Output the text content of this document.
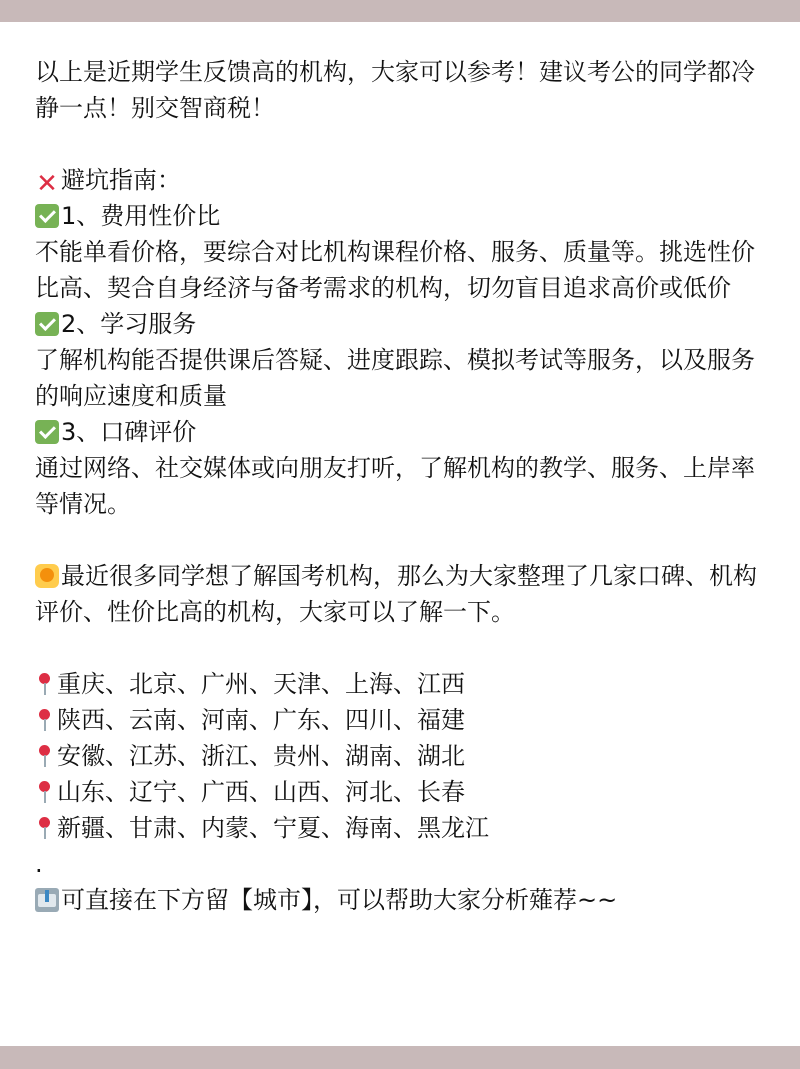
以上是近期学生反馈高的机构，大家可以参考！建议考公的同学都冷静一点！别交智商税！
✕ 避坑指南：
1、费用性价比
不能单看价格，要综合对比机构课程价格、服务、质量等。挑选性价比高、契合自身经济与备考需求的机构，切勿盲目追求高价或低价
2、学习服务
了解机构能否提供课后答疑、进度跟踪、模拟考试等服务，以及服务的响应速度和质量
3、口碑评价
通过网络、社交媒体或向朋友打听，了解机构的教学、服务、上岸率等情况。
最近很多同学想了解国考机构，那么为大家整理了几家口碑、机构评价、性价比高的机构，大家可以了解一下。
重庆、北京、广州、天津、上海、江西
陕西、云南、河南、广东、四川、福建
安徽、江苏、浙江、贵州、湖南、湖北
山东、辽宁、广西、山西、河北、长春
新疆、甘肃、内蒙、宁夏、海南、黑龙江
.
可直接在下方留【城市】，可以帮助大家分析薙荐~~
